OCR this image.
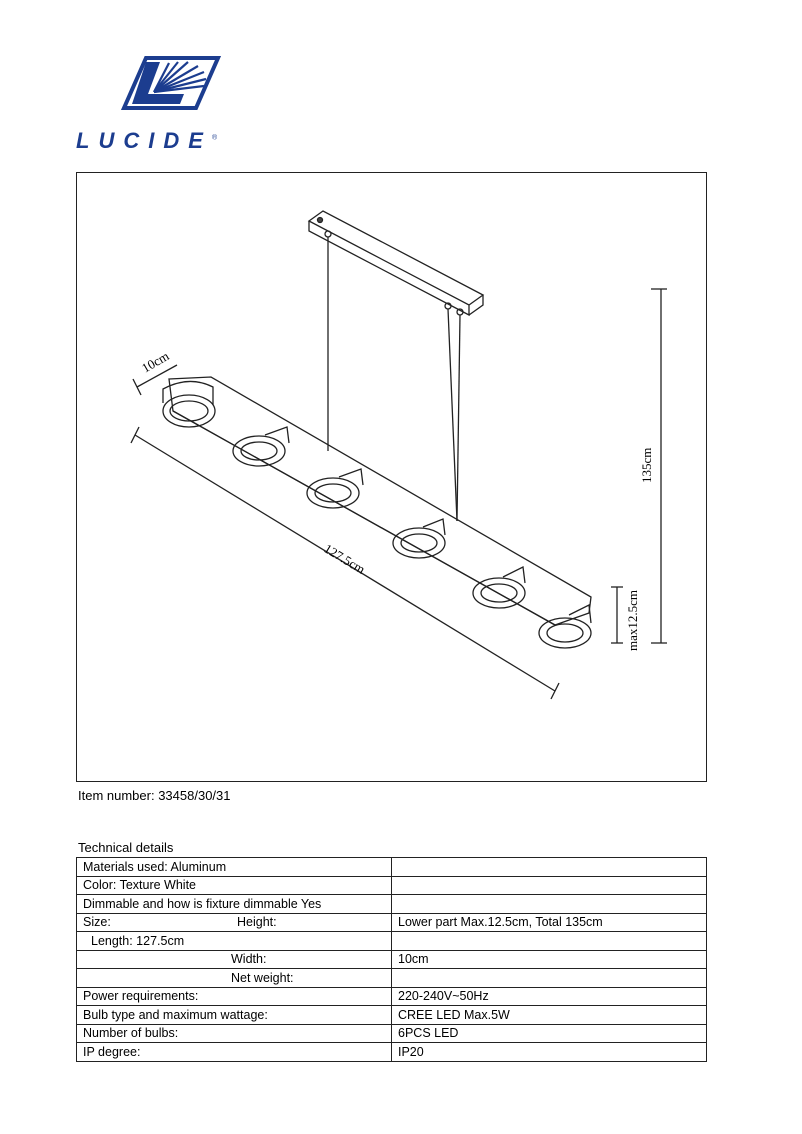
LUCIDE®
10cm
127.5cm
135cm
max12.5cm
Item number: 33458/30/31
Technical details
Materials used: Aluminum	
Color: Texture White	
Dimmable and how is fixture dimmable Yes	

Size: Height:	Lower part Max.12.5cm, Total 135cm
Length: 127.5cm	
Width:	10cm
Net weight:	
Power requirements:	220-240V~50Hz
Bulb type and maximum wattage:	CREE LED Max.5W
Number of bulbs:	6PCS LED
IP degree:	IP20
